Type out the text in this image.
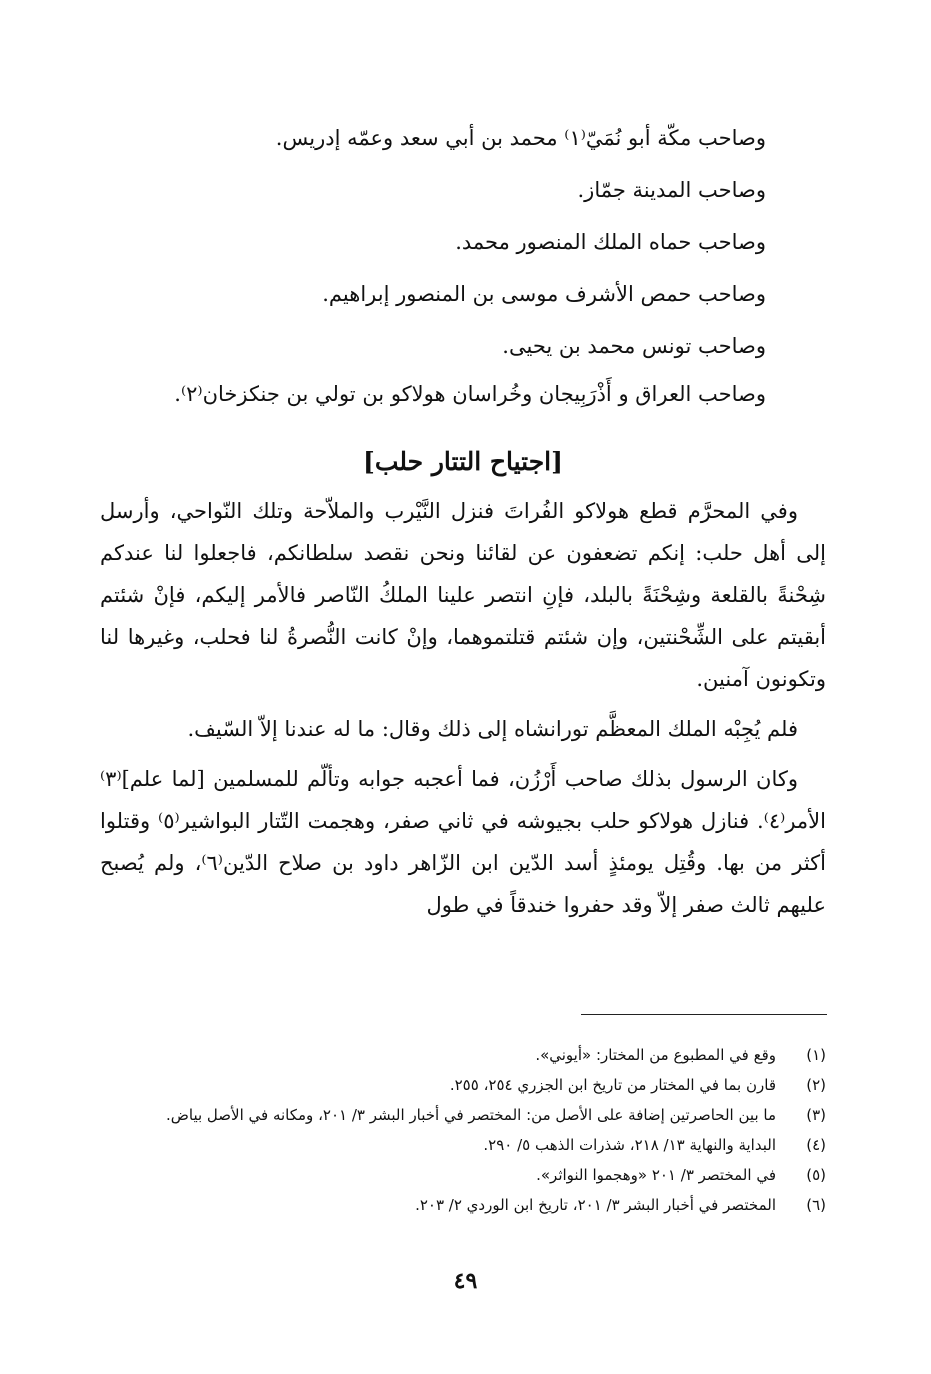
وصاحب مكّة أبو نُمَيّ⁽١⁾ محمد بن أبي سعد وعمّه إدريس.
وصاحب المدينة جمّاز.
وصاحب حماه الملك المنصور محمد.
وصاحب حمص الأشرف موسى بن المنصور إبراهيم.
وصاحب تونس محمد بن يحيى.
وصاحب العراق و أَذْرَبِيجان وخُراسان هولاكو بن تولي بن جنكزخان⁽٢⁾.
[اجتياح التتار حلب]

وفي المحرَّم قطع هولاكو الفُراتَ فنزل النَّيْرب والملاّحة وتلك النّواحي، وأرسل إلى أهل حلب: إنكم تضعفون عن لقائنا ونحن نقصد سلطانكم، فاجعلوا لنا عندكم شِحْنةً بالقلعة وشِحْنَةً بالبلد، فإنِ انتصر علينا الملكُ النّاصر فالأمر إليكم، فإنْ شئتم أبقيتم على الشِّحْنتين، وإن شئتم قتلتموهما، وإنْ كانت النُّصرةُ لنا فحلب، وغيرها لنا وتكونون آمنين.

فلم يُجِبْه الملك المعظَّم تورانشاه إلى ذلك وقال: ما له عندنا إلاّ السّيف.

وكان الرسول بذلك صاحب أَرْزُن، فما أعجبه جوابه وتألّم للمسلمين [لما علم]⁽٣⁾ الأمر⁽٤⁾. فنازل هولاكو حلب بجيوشه في ثاني صفر، وهجمت التّتار البواشير⁽٥⁾ وقتلوا أكثر من بها. وقُتِل يومئذٍ أسد الدّين ابن الزّاهر داود بن صلاح الدّين⁽٦⁾، ولم يُصبح عليهم ثالث صفر إلاّ وقد حفروا خندقاً في طول

(١)
وقع في المطبوع من المختار: «أيوني».
(٢)
قارن بما في المختار من تاريخ ابن الجزري ٢٥٤، ٢٥٥.
(٣)
ما بين الحاصرتين إضافة على الأصل من: المختصر في أخبار البشر ٣/ ٢٠١، ومكانه في الأصل بياض.
(٤)
البداية والنهاية ١٣/ ٢١٨، شذرات الذهب ٥/ ٢٩٠.
(٥)
في المختصر ٣/ ٢٠١ «وهجموا النواثر».
(٦)
المختصر في أخبار البشر ٣/ ٢٠١، تاريخ ابن الوردي ٢/ ٢٠٣.
٤٩
